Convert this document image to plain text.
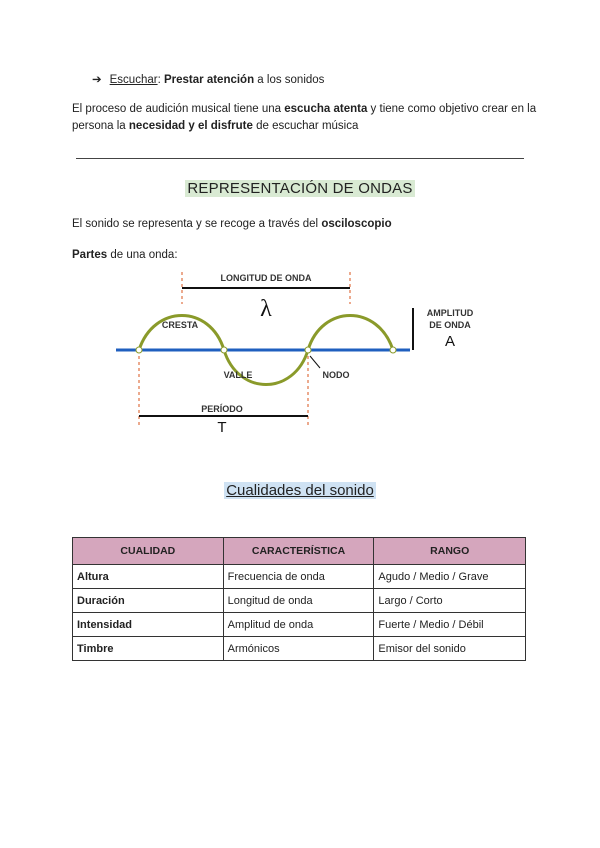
➔ Escuchar: Prestar atención a los sonidos
El proceso de audición musical tiene una escucha atenta y tiene como objetivo crear en la persona la necesidad y el disfrute de escuchar música
REPRESENTACIÓN DE ONDAS
El sonido se representa y se recoge a través del osciloscopio
Partes de una onda:
LONGITUD DE ONDA
λ
CRESTA
VALLE	NODO
PERÍODO
T
AMPLITUD
DE ONDA
A
Cualidades del sonido
CUALIDAD	CARACTERÍSTICA	RANGO
Altura	Frecuencia de onda	Agudo / Medio / Grave
Duración	Longitud de onda	Largo / Corto
Intensidad	Amplitud de onda	Fuerte / Medio / Débil
Timbre	Armónicos	Emisor del sonido
